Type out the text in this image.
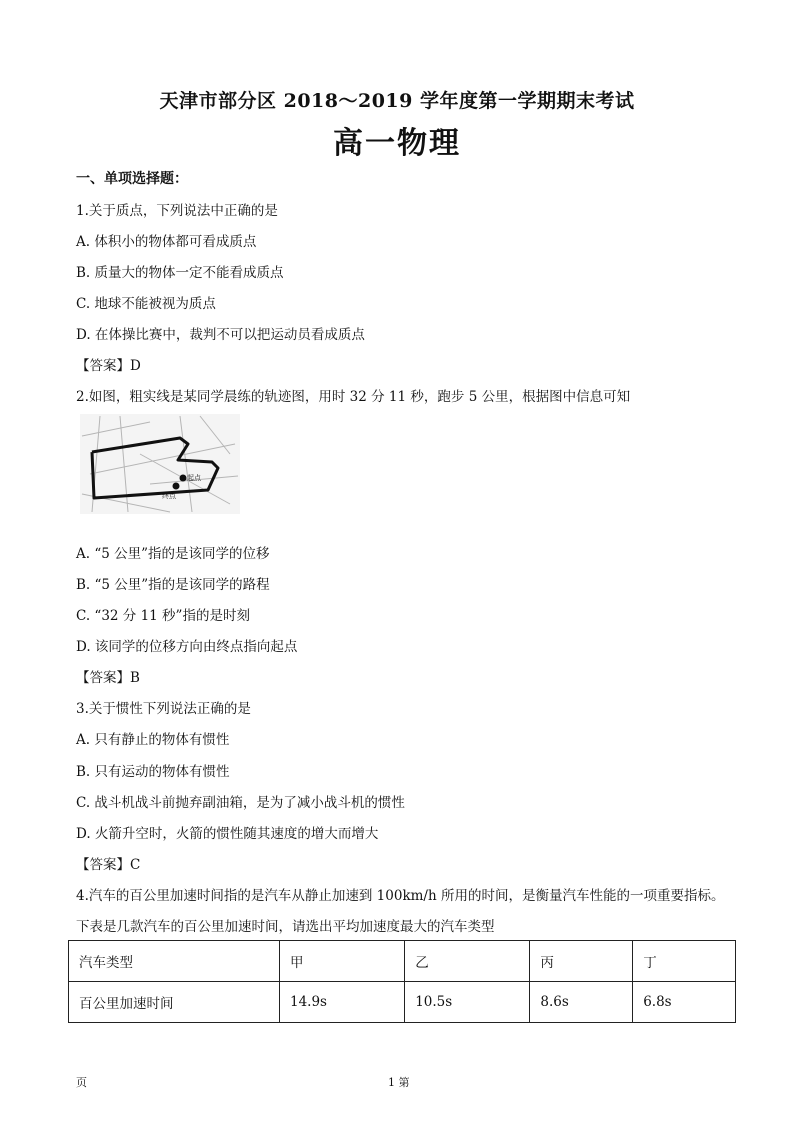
天津市部分区 2018～2019 学年度第一学期期末考试
高一物理
一、单项选择题：
1.关于质点，下列说法中正确的是
A. 体积小的物体都可看成质点
B. 质量大的物体一定不能看成质点
C. 地球不能被视为质点
D. 在体操比赛中，裁判不可以把运动员看成质点
【答案】D
2.如图，粗实线是某同学晨练的轨迹图，用时 32 分 11 秒，跑步 5 公里，根据图中信息可知
起点
终点
A. “5 公里”指的是该同学的位移
B. “5 公里”指的是该同学的路程
C. “32 分 11 秒”指的是时刻
D. 该同学的位移方向由终点指向起点
【答案】B
3.关于惯性下列说法正确的是
A. 只有静止的物体有惯性
B. 只有运动的物体有惯性
C. 战斗机战斗前抛弃副油箱，是为了减小战斗机的惯性
D. 火箭升空时，火箭的惯性随其速度的增大而增大
【答案】C
4.汽车的百公里加速时间指的是汽车从静止加速到 100km/h 所用的时间，是衡量汽车性能的一项重要指标。
下表是几款汽车的百公里加速时间，请选出平均加速度最大的汽车类型
汽车类型	甲	乙	丙	丁
百公里加速时间	14.9s	10.5s	8.6s	6.8s
页	1 第
